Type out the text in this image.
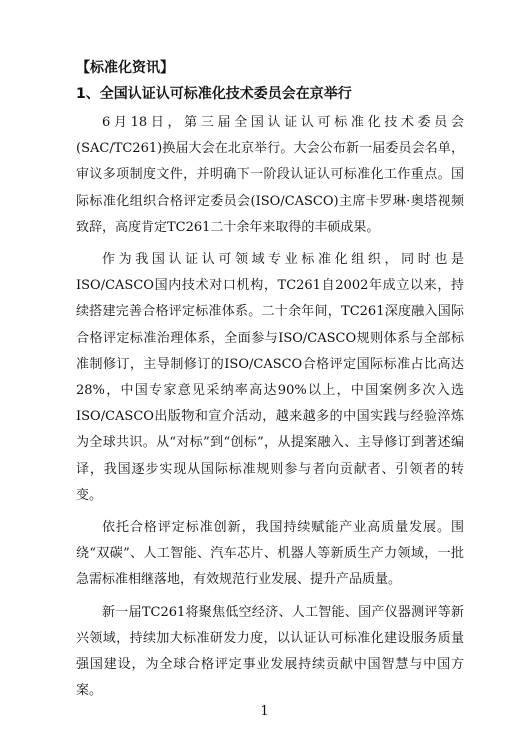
【标准化资讯】

1、全国认证认可标准化技术委员会在京举行

6月18日，第三届全国认证认可标准化技术委员会(SAC/TC261)换届大会在北京举行。大会公布新一届委员会名单，审议多项制度文件，并明确下一阶段认证认可标准化工作重点。国际标准化组织合格评定委员会(ISO/CASCO)主席卡罗琳·奥塔视频致辞，高度肯定TC261二十余年来取得的丰硕成果。

作为我国认证认可领域专业标准化组织，同时也是ISO/CASCO国内技术对口机构，TC261自2002年成立以来，持续搭建完善合格评定标准体系。二十余年间，TC261深度融入国际合格评定标准治理体系，全面参与ISO/CASCO规则体系与全部标准制修订，主导制修订的ISO/CASCO合格评定国际标准占比高达28%，中国专家意见采纳率高达90%以上，中国案例多次入选ISO/CASCO出版物和宣介活动，越来越多的中国实践与经验淬炼为全球共识。从“对标”到“创标”，从提案融入、主导修订到著述编译，我国逐步实现从国际标准规则参与者向贡献者、引领者的转变。

依托合格评定标准创新，我国持续赋能产业高质量发展。围绕“双碳”、人工智能、汽车芯片、机器人等新质生产力领域，一批急需标准相继落地，有效规范行业发展、提升产品质量。

新一届TC261将聚焦低空经济、人工智能、国产仪器测评等新兴领域，持续加大标准研发力度，以认证认可标准化建设服务质量强国建设，为全球合格评定事业发展持续贡献中国智慧与中国方案。

1
